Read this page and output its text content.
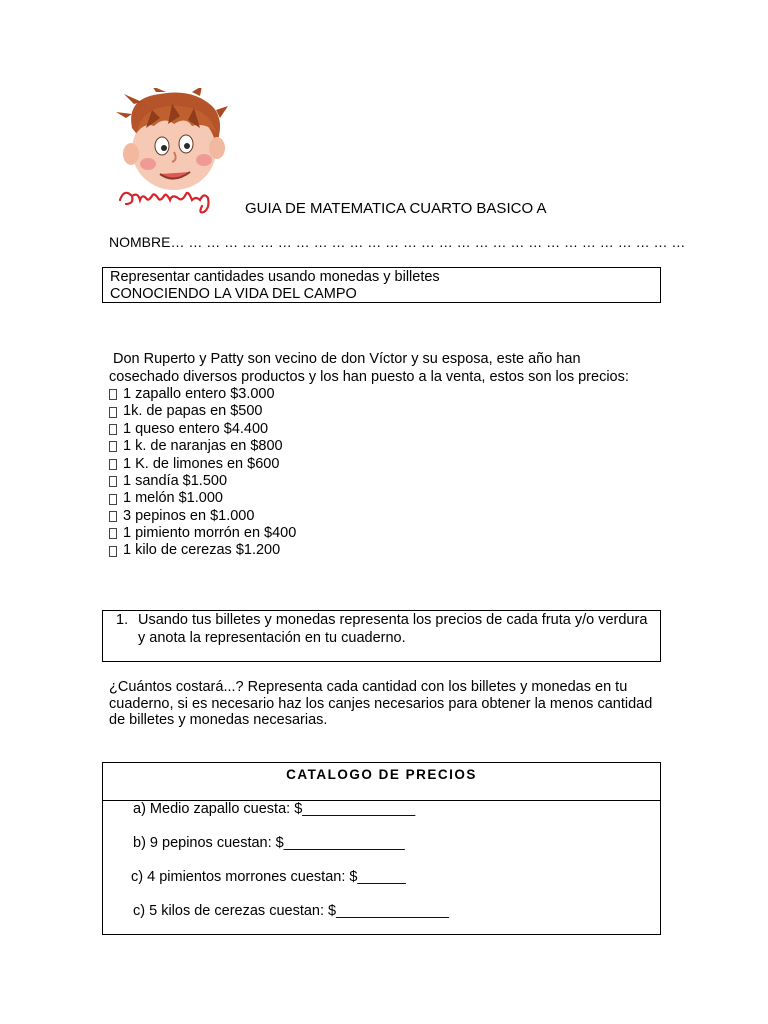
GUIA DE MATEMATICA CUARTO BASICO A
NOMBRE… … … … … … … … … … … … … … … … … … … … … … … … … … … … …
Representar cantidades usando monedas y billetes
CONOCIENDO LA VIDA DEL CAMPO
Don Ruperto y Patty son vecino de don Víctor y su esposa, este año han cosechado diversos productos y los han puesto a la venta, estos son los precios:
1 zapallo entero $3.000
1k. de papas en $500
1 queso entero $4.400
1 k. de naranjas en $800
1 K. de limones en $600
1 sandía $1.500
1 melón $1.000
3 pepinos en $1.000
1 pimiento morrón en $400
1 kilo de cerezas $1.200
1. Usando tus billetes y monedas representa los precios de cada fruta y/o verdura y anota la representación en tu cuaderno.
¿Cuántos costará...? Representa cada cantidad con los billetes y monedas en tu cuaderno, si es necesario haz los canjes necesarios para obtener la menos cantidad de billetes y monedas necesarias.
CATALOGO DE PRECIOS
a) Medio zapallo cuesta: $______________
b) 9 pepinos cuestan: $_______________
c) 4 pimientos morrones cuestan: $______
c) 5 kilos de cerezas cuestan: $______________
